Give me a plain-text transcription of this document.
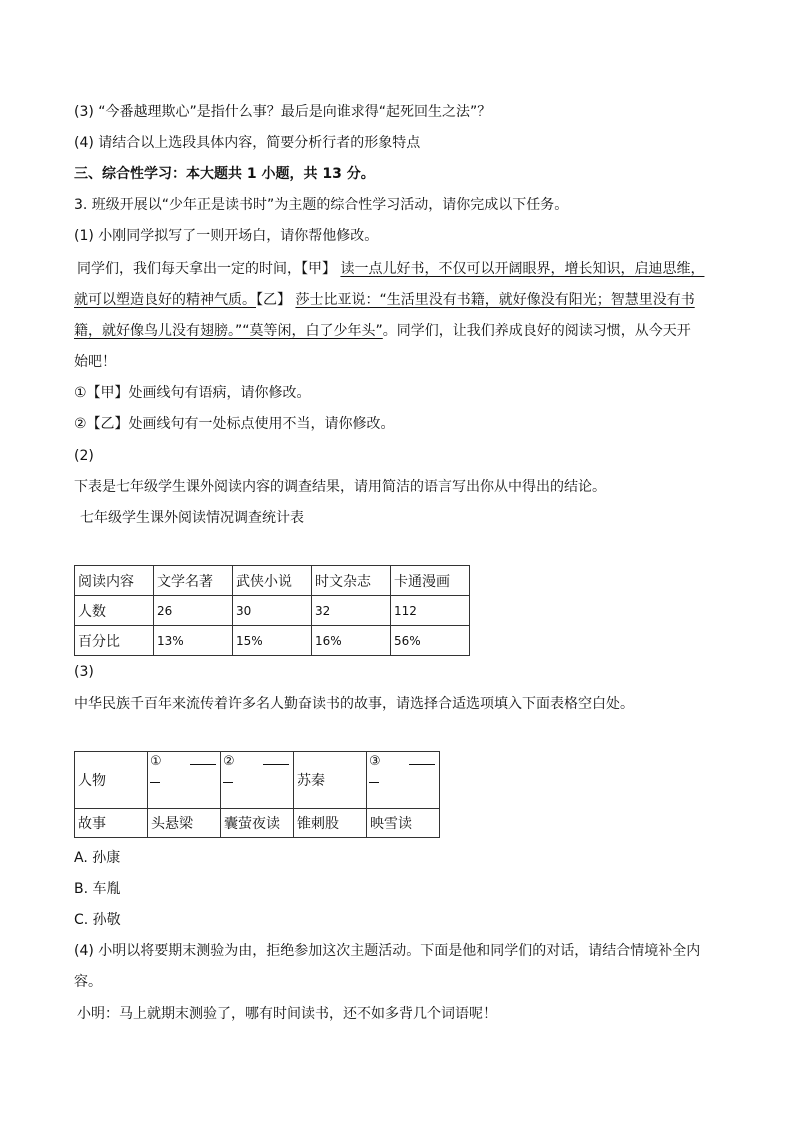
(3) “今番越理欺心”是指什么事？最后是向谁求得“起死回生之法”？
(4) 请结合以上选段具体内容，简要分析行者的形象特点
三、综合性学习：本大题共 1 小题，共 13 分。
3. 班级开展以“少年正是读书时”为主题的综合性学习活动，请你完成以下任务。
(1) 小刚同学拟写了一则开场白，请你帮他修改。
同学们，我们每天拿出一定的时间，【甲】 读一点儿好书，不仅可以开阔眼界，增长知识，启迪思维，
就可以塑造良好的精神气质。【乙】 莎士比亚说：“生活里没有书籍，就好像没有阳光；智慧里没有书
籍，就好像鸟儿没有翅膀。”“莫等闲，白了少年头”。同学们，让我们养成良好的阅读习惯，从今天开
始吧！
①【甲】处画线句有语病，请你修改。
②【乙】处画线句有一处标点使用不当，请你修改。
(2)
下表是七年级学生课外阅读内容的调查结果，请用简洁的语言写出你从中得出的结论。
七年级学生课外阅读情况调查统计表
阅读内容	文学名著	武侠小说	时文杂志	卡通漫画
人数	26	30	32	112
百分比	13%	15%	16%	56%
(3)
中华民族千百年来流传着许多名人勤奋读书的故事，请选择合适选项填入下面表格空白处。
人物	①	②	苏秦	③

故事	头悬梁	囊萤夜读	锥刺股	映雪读
A. 孙康
B. 车胤
C. 孙敬
(4) 小明以将要期末测验为由，拒绝参加这次主题活动。下面是他和同学们的对话，请结合情境补全内
容。
小明：马上就期末测验了，哪有时间读书，还不如多背几个词语呢！
